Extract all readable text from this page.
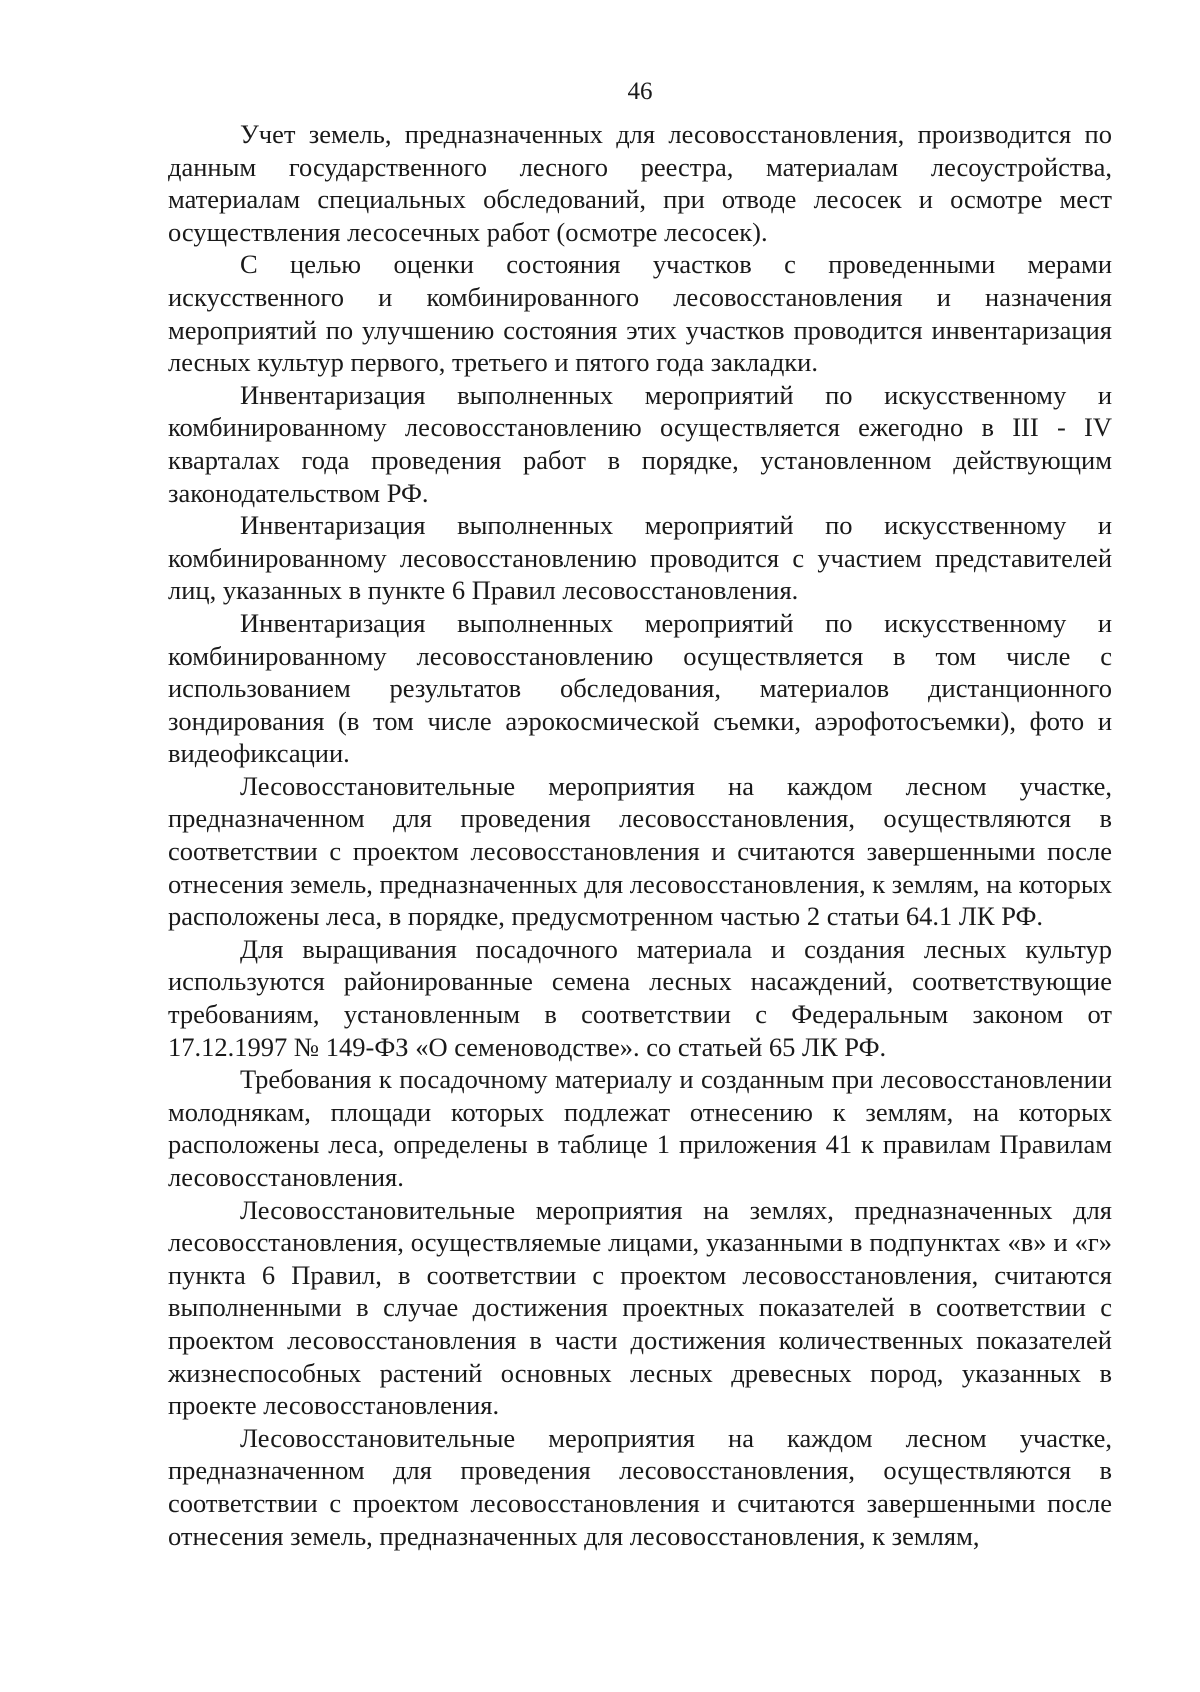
46

Учет земель, предназначенных для лесовосстановления, производится по данным государственного лесного реестра, материалам лесоустройства, материалам специальных обследований, при отводе лесосек и осмотре мест осуществления лесосечных работ (осмотре лесосек).

С целью оценки состояния участков с проведенными мерами искусственного и комбинированного лесовосстановления и назначения мероприятий по улучшению состояния этих участков проводится инвентаризация лесных культур первого, третьего и пятого года закладки.

Инвентаризация выполненных мероприятий по искусственному и комбинированному лесовосстановлению осуществляется ежегодно в III - IV кварталах года проведения работ в порядке, установленном действующим законодательством РФ.

Инвентаризация выполненных мероприятий по искусственному и комбинированному лесовосстановлению проводится с участием представителей лиц, указанных в пункте 6 Правил лесовосстановления.

Инвентаризация выполненных мероприятий по искусственному и комбинированному лесовосстановлению осуществляется в том числе с использованием результатов обследования, материалов дистанционного зондирования (в том числе аэрокосмической съемки, аэрофотосъемки), фото и видеофиксации.

Лесовосстановительные мероприятия на каждом лесном участке, предназначенном для проведения лесовосстановления, осуществляются в соответствии с проектом лесовосстановления и считаются завершенными после отнесения земель, предназначенных для лесовосстановления, к землям, на которых расположены леса, в порядке, предусмотренном частью 2 статьи 64.1 ЛК РФ.

Для выращивания посадочного материала и создания лесных культур используются районированные семена лесных насаждений, соответствующие требованиям, установленным в соответствии с Федеральным законом от 17.12.1997 № 149-ФЗ «О семеноводстве». со статьей 65 ЛК РФ.

Требования к посадочному материалу и созданным при лесовосстановлении молоднякам, площади которых подлежат отнесению к землям, на которых расположены леса, определены в таблице 1 приложения 41 к правилам Правилам лесовосстановления.

Лесовосстановительные мероприятия на землях, предназначенных для лесовосстановления, осуществляемые лицами, указанными в подпунктах «в» и «г» пункта 6 Правил, в соответствии с проектом лесовосстановления, считаются выполненными в случае достижения проектных показателей в соответствии с проектом лесовосстановления в части достижения количественных показателей жизнеспособных растений основных лесных древесных пород, указанных в проекте лесовосстановления.

Лесовосстановительные мероприятия на каждом лесном участке, предназначенном для проведения лесовосстановления, осуществляются в соответствии с проектом лесовосстановления и считаются завершенными после отнесения земель, предназначенных для лесовосстановления, к землям,
